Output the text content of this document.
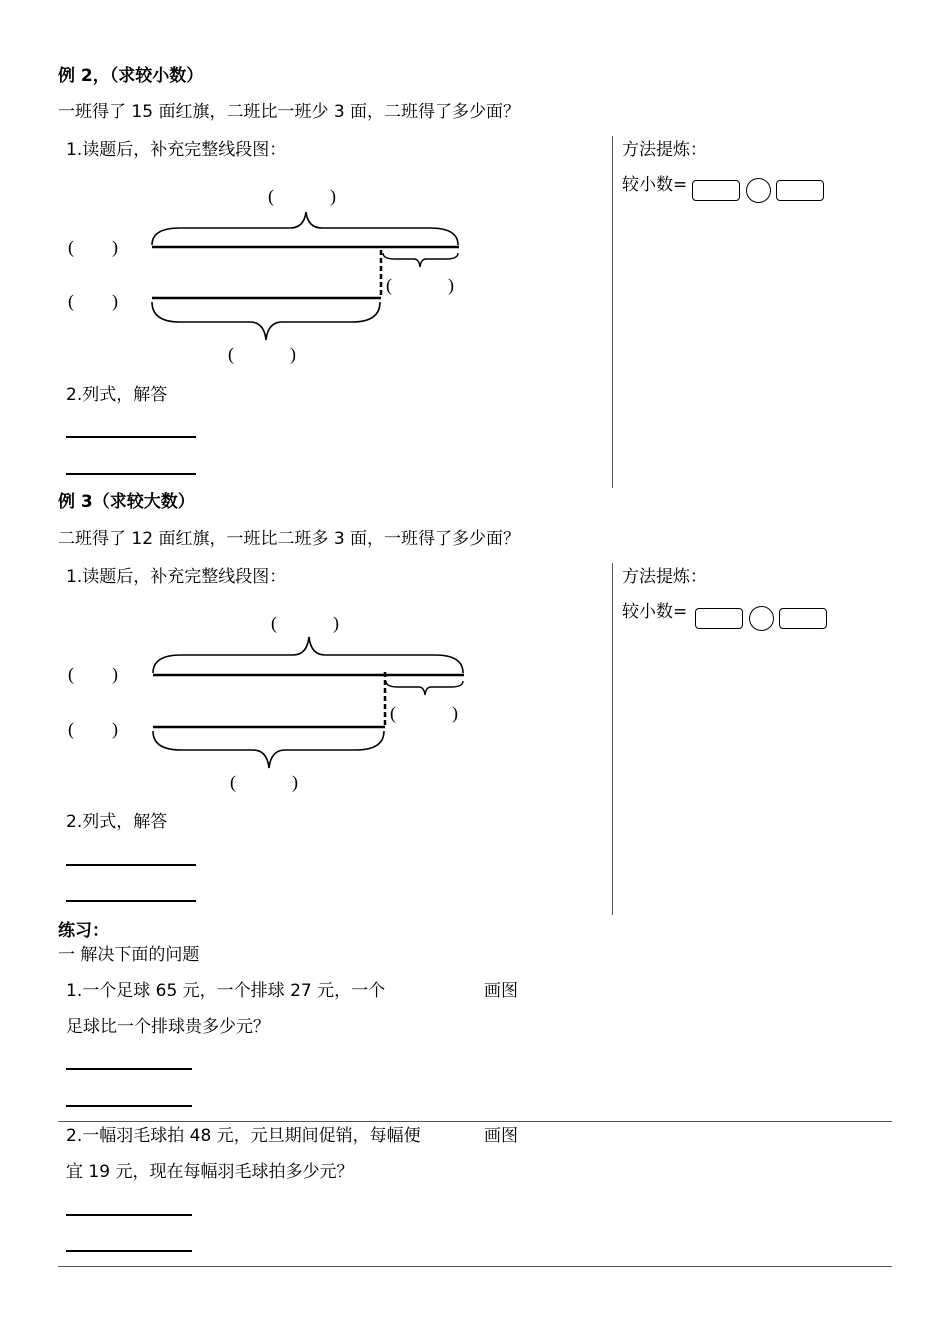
例 2，（求较小数）
一班得了 15 面红旗，二班比一班少 3 面，二班得了多少面？
1.读题后，补充完整线段图：
(	)
( )
( )
(	)
(	)
2.列式，解答
方法提炼：
较小数=
例 3（求较大数）
二班得了 12 面红旗，一班比二班多 3 面，一班得了多少面？
1.读题后，补充完整线段图：
(	)
( )
( )
(	)
(	)
2.列式，解答
方法提炼：
较小数=
练习：
一 解决下面的问题
1.一个足球 65 元，一个排球 27 元，一个	画图
足球比一个排球贵多少元？
2.一幅羽毛球拍 48 元，元旦期间促销，每幅便	画图
宜 19 元，现在每幅羽毛球拍多少元？
